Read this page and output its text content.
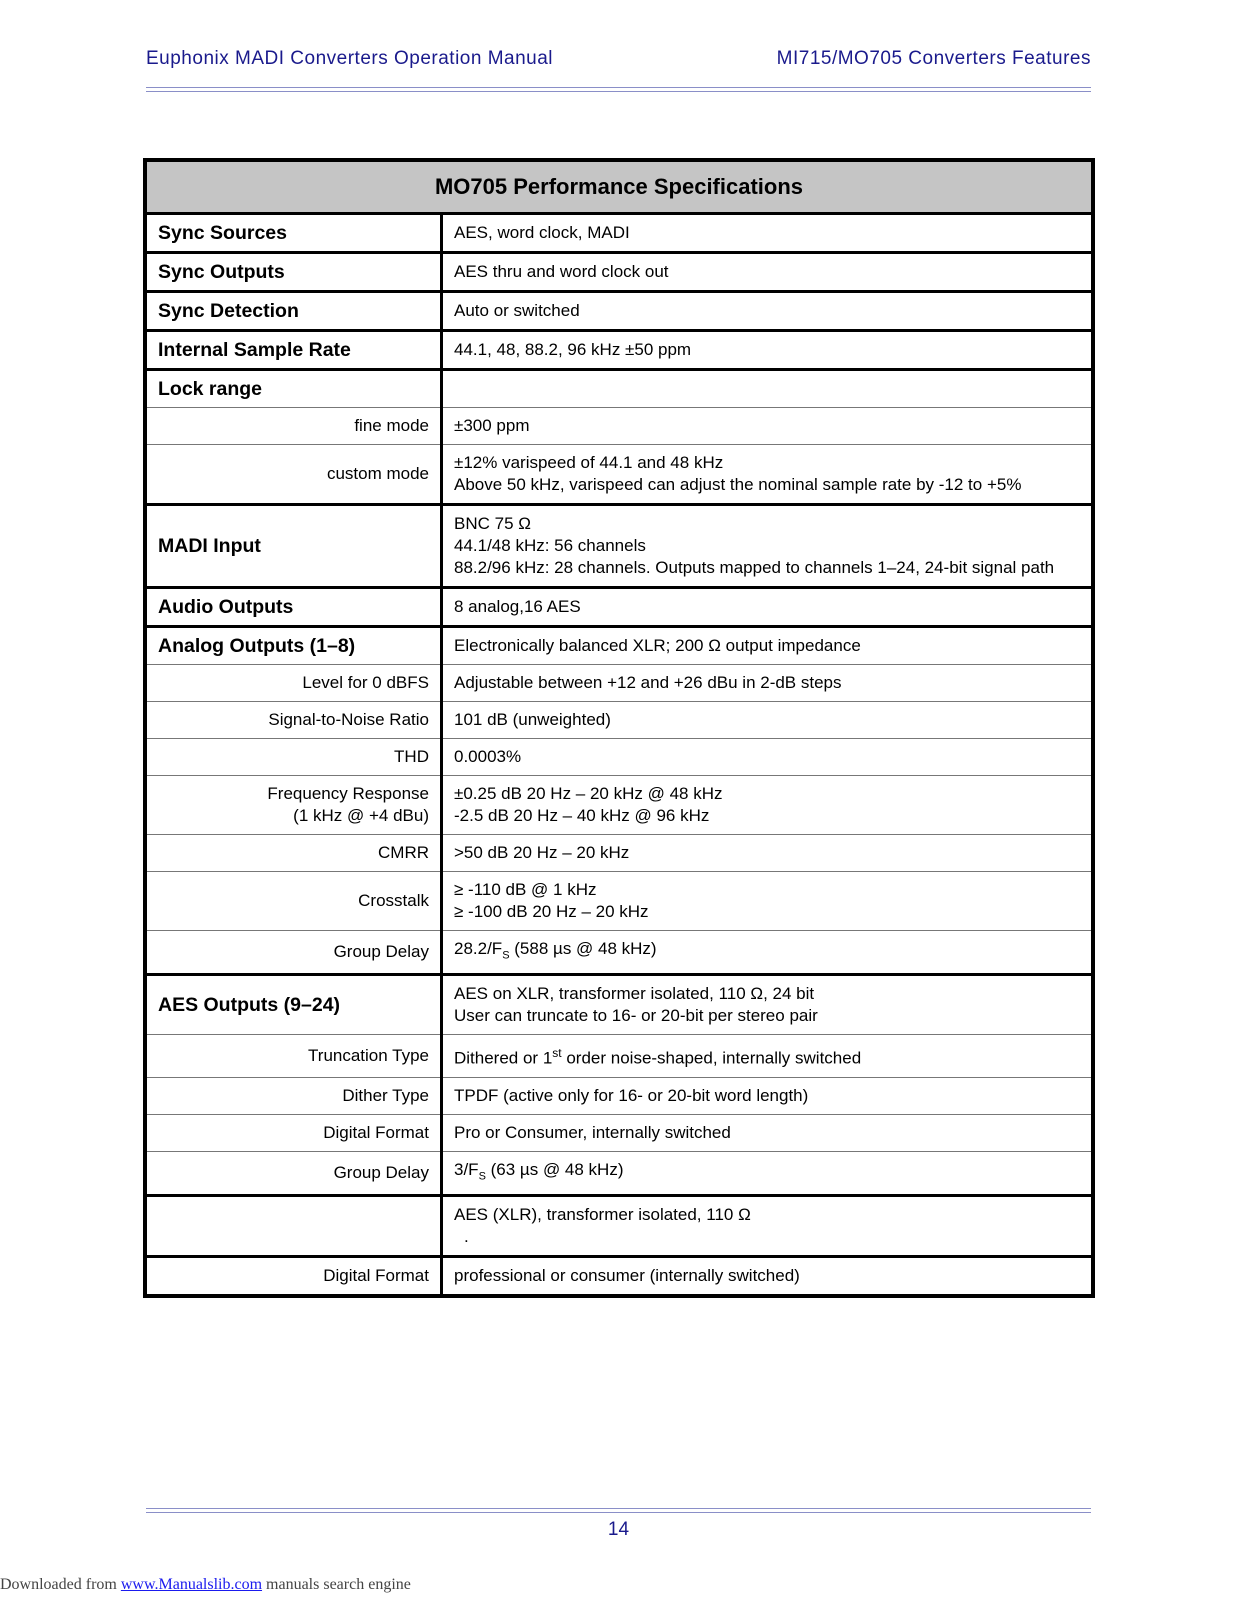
Euphonix MADI Converters Operation Manual	MI715/MO705 Converters Features
MO705 Performance Specifications	

Sync Sources	AES, word clock, MADI

Sync Outputs	AES thru and word clock out

Sync Detection	Auto or switched

Internal Sample Rate	44.1, 48, 88.2, 96 kHz ±50 ppm

Lock range	

fine mode	±300 ppm

custom mode	±12% varispeed of 44.1 and 48 kHz
Above 50 kHz, varispeed can adjust the nominal sample rate by -12 to +5%

MADI Input	BNC 75 Ω
44.1/48 kHz: 56 channels
88.2/96 kHz: 28 channels. Outputs mapped to channels 1–24, 24-bit signal path

Audio Outputs	8 analog,16 AES

Analog Outputs (1–8)	Electronically balanced XLR; 200 Ω output impedance

Level for 0 dBFS	Adjustable between +12 and +26 dBu in 2-dB steps

Signal-to-Noise Ratio	101 dB (unweighted)

THD	0.0003%

Frequency Response
(1 kHz @ +4 dBu)	±0.25 dB 20 Hz – 20 kHz @ 48 kHz
-2.5 dB 20 Hz – 40 kHz @ 96 kHz

CMRR	>50 dB 20 Hz – 20 kHz

Crosstalk	≥ -110 dB @ 1 kHz
≥ -100 dB 20 Hz – 20 kHz

Group Delay	$28.2/F_S$ (588 µs @ 48 kHz)

AES Outputs (9–24)	AES on XLR, transformer isolated, 110 Ω, 24 bit
User can truncate to 16- or 20-bit per stereo pair

Truncation Type	Dithered or 1st order noise-shaped, internally switched

Dither Type	TPDF (active only for 16- or 20-bit word length)

Digital Format	Pro or Consumer, internally switched

Group Delay	$3/F_S$ (63 µs @ 48 kHz)

	AES (XLR), transformer isolated, 110 Ω
.

Digital Format	professional or consumer (internally switched)
14
Downloaded from www.Manualslib.com manuals search engine
